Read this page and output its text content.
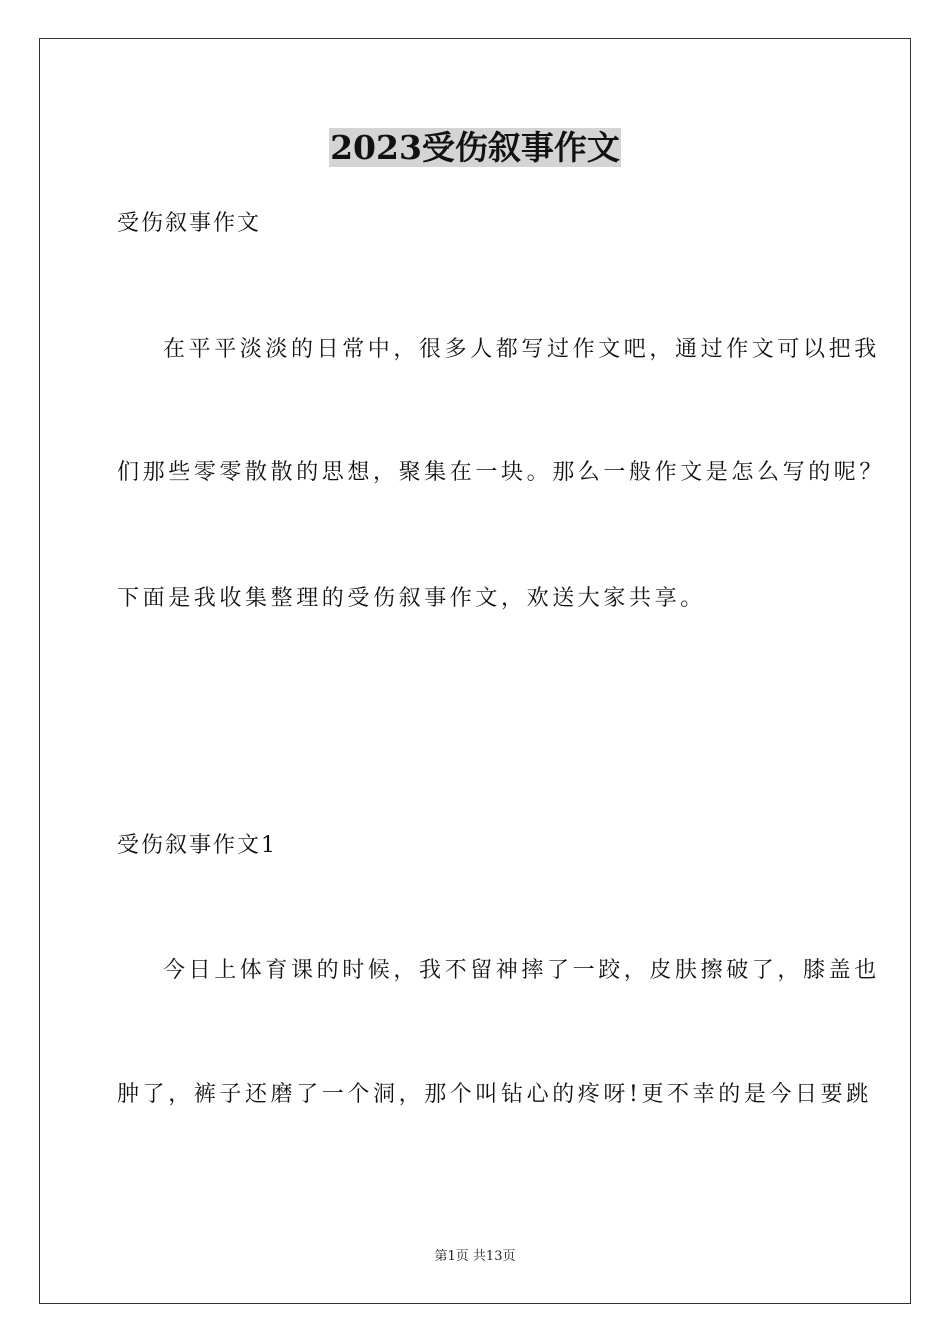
2023受伤叙事作文
受伤叙事作文
在平平淡淡的日常中，很多人都写过作文吧，通过作文可以把我
们那些零零散散的思想，聚集在一块。那么一般作文是怎么写的呢？
下面是我收集整理的受伤叙事作文，欢送大家共享。
受伤叙事作文1
今日上体育课的时候，我不留神摔了一跤，皮肤擦破了，膝盖也
肿了，裤子还磨了一个洞，那个叫钻心的疼呀!更不幸的是今日要跳
第1页 共13页
